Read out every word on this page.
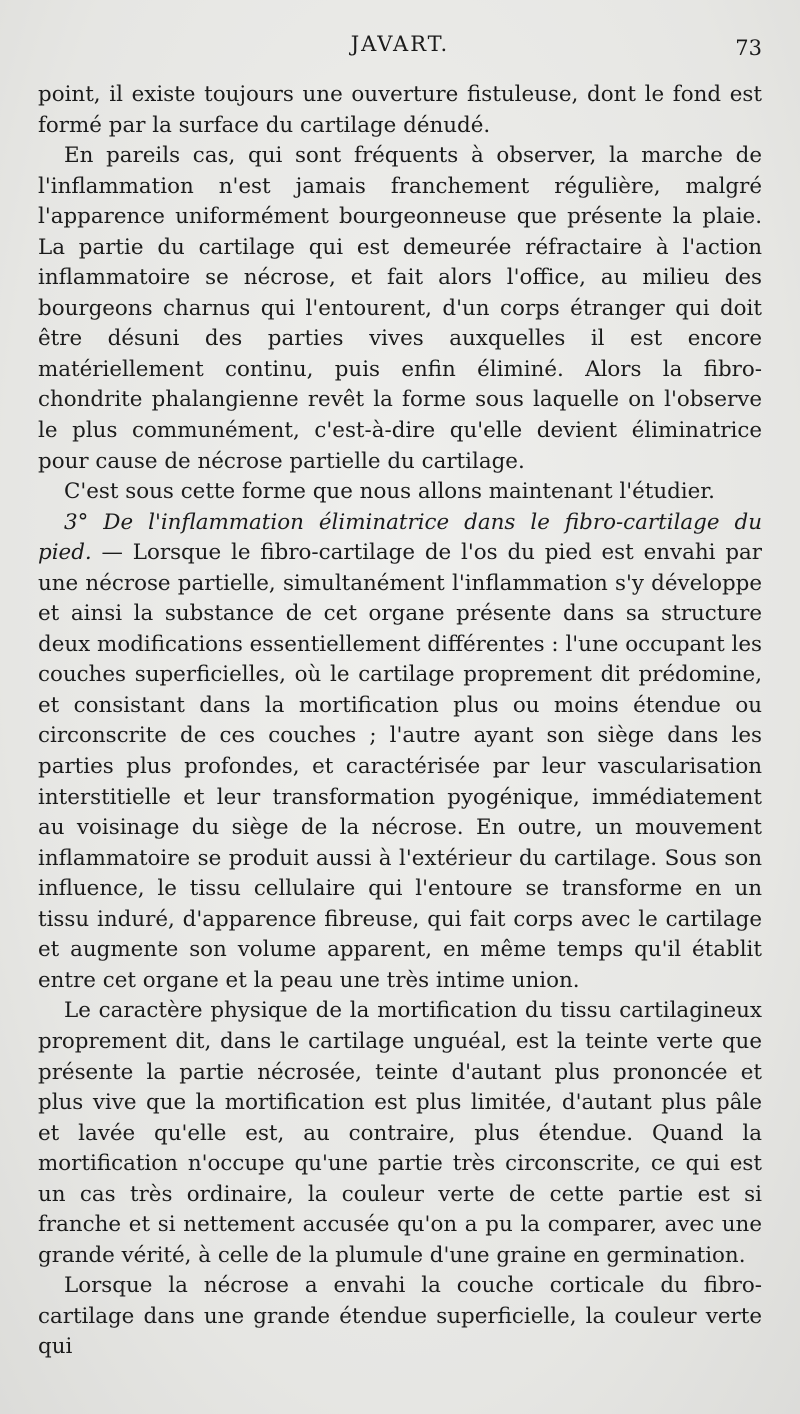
JAVART.	73

point, il existe toujours une ouverture fistuleuse, dont le fond est formé par la surface du cartilage dénudé.

En pareils cas, qui sont fréquents à observer, la marche de l'inflammation n'est jamais franchement régulière, malgré l'apparence uniformément bourgeonneuse que présente la plaie. La partie du cartilage qui est demeurée réfractaire à l'action inflammatoire se nécrose, et fait alors l'office, au milieu des bourgeons charnus qui l'entourent, d'un corps étranger qui doit être désuni des parties vives auxquelles il est encore matériellement continu, puis enfin éliminé. Alors la fibro-chondrite phalangienne revêt la forme sous laquelle on l'observe le plus communément, c'est-à-dire qu'elle devient éliminatrice pour cause de nécrose partielle du cartilage.

C'est sous cette forme que nous allons maintenant l'étudier.

3° De l'inflammation éliminatrice dans le fibro-cartilage du pied. — Lorsque le fibro-cartilage de l'os du pied est envahi par une nécrose partielle, simultanément l'inflammation s'y développe et ainsi la substance de cet organe présente dans sa structure deux modifications essentiellement différentes : l'une occupant les couches superficielles, où le cartilage proprement dit prédomine, et consistant dans la mortification plus ou moins étendue ou circonscrite de ces couches ; l'autre ayant son siège dans les parties plus profondes, et caractérisée par leur vascularisation interstitielle et leur transformation pyogénique, immédiatement au voisinage du siège de la nécrose. En outre, un mouvement inflammatoire se produit aussi à l'extérieur du cartilage. Sous son influence, le tissu cellulaire qui l'entoure se transforme en un tissu induré, d'apparence fibreuse, qui fait corps avec le cartilage et augmente son volume apparent, en même temps qu'il établit entre cet organe et la peau une très intime union.

Le caractère physique de la mortification du tissu cartilagineux proprement dit, dans le cartilage unguéal, est la teinte verte que présente la partie nécrosée, teinte d'autant plus prononcée et plus vive que la mortification est plus limitée, d'autant plus pâle et lavée qu'elle est, au contraire, plus étendue. Quand la mortification n'occupe qu'une partie très circonscrite, ce qui est un cas très ordinaire, la couleur verte de cette partie est si franche et si nettement accusée qu'on a pu la comparer, avec une grande vérité, à celle de la plumule d'une graine en germination.

Lorsque la nécrose a envahi la couche corticale du fibro-cartilage dans une grande étendue superficielle, la couleur verte qui
